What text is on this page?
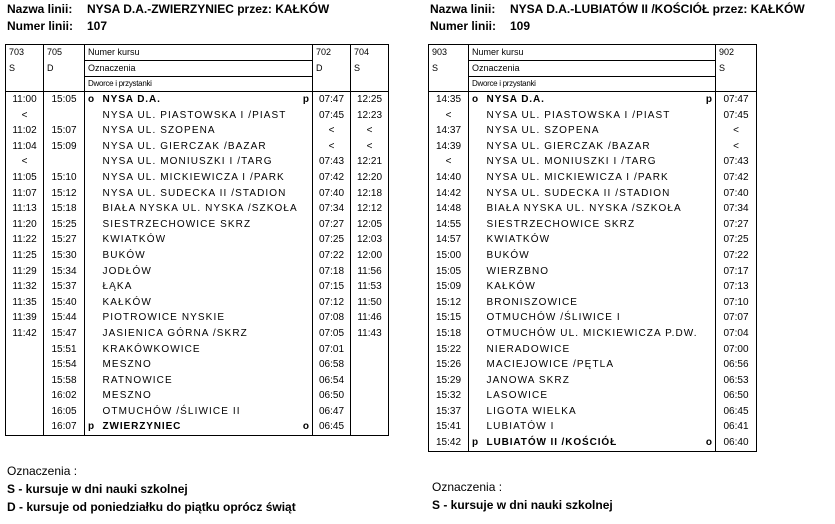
Nazwa linii: NYSA D.A.-ZWIERZYNIEC przez: KAŁKÓW
Numer linii: 107
703	705	Numer kursu			702	704
S	D	Oznaczenia			D	S
		Dworce i przystanki				
11:00	15:05	o	NYSA D.A.	p	07:47	12:25
<			NYSA UL. PIASTOWSKA I /PIAST		07:45	12:23
11:02	15:07		NYSA UL. SZOPENA		<	<
11:04	15:09		NYSA UL. GIERCZAK /BAZAR		<	<
<			NYSA UL. MONIUSZKI I /TARG		07:43	12:21
11:05	15:10		NYSA UL. MICKIEWICZA I /PARK		07:42	12:20
11:07	15:12		NYSA UL. SUDECKA II /STADION		07:40	12:18
11:13	15:18		BIAŁA NYSKA UL. NYSKA /SZKOŁA		07:34	12:12
11:20	15:25		SIESTRZECHOWICE SKRZ		07:27	12:05
11:22	15:27		KWIATKÓW		07:25	12:03
11:25	15:30		BUKÓW		07:22	12:00
11:29	15:34		JODŁÓW		07:18	11:56
11:32	15:37		ŁĄKA		07:15	11:53
11:35	15:40		KAŁKÓW		07:12	11:50
11:39	15:44		PIOTROWICE NYSKIE		07:08	11:46
11:42	15:47		JASIENICA GÓRNA /SKRZ		07:05	11:43
	15:51		KRAKÓWKOWICE		07:01	
	15:54		MESZNO		06:58	
	15:58		RATNOWICE		06:54	
	16:02		MESZNO		06:50	
	16:05		OTMUCHÓW /ŚLIWICE II		06:47	
	16:07	p	ZWIERZYNIEC	o	06:45	
Oznaczenia :
S - kursuje w dni nauki szkolnej
D - kursuje od poniedziałku do piątku oprócz świąt
Nazwa linii: NYSA D.A.-LUBIATÓW II /KOŚCIÓŁ przez: KAŁKÓW
Numer linii: 109
903	Numer kursu			902
S	Oznaczenia			S
	Dworce i przystanki			
14:35	o	NYSA D.A.	p	07:47
<		NYSA UL. PIASTOWSKA I /PIAST		07:45
14:37		NYSA UL. SZOPENA		<
14:39		NYSA UL. GIERCZAK /BAZAR		<
<		NYSA UL. MONIUSZKI I /TARG		07:43
14:40		NYSA UL. MICKIEWICZA I /PARK		07:42
14:42		NYSA UL. SUDECKA II /STADION		07:40
14:48		BIAŁA NYSKA UL. NYSKA /SZKOŁA		07:34
14:55		SIESTRZECHOWICE SKRZ		07:27
14:57		KWIATKÓW		07:25
15:00		BUKÓW		07:22
15:05		WIERZBNO		07:17
15:09		KAŁKÓW		07:13
15:12		BRONISZOWICE		07:10
15:15		OTMUCHÓW /ŚLIWICE I		07:07
15:18		OTMUCHÓW UL. MICKIEWICZA P.DW.		07:04
15:22		NIERADOWICE		07:00
15:26		MACIEJOWICE /PĘTLA		06:56
15:29		JANOWA SKRZ		06:53
15:32		LASOWICE		06:50
15:37		LIGOTA WIELKA		06:45
15:41		LUBIATÓW I		06:41
15:42	p	LUBIATÓW II /KOŚCIÓŁ	o	06:40
Oznaczenia :
S - kursuje w dni nauki szkolnej
